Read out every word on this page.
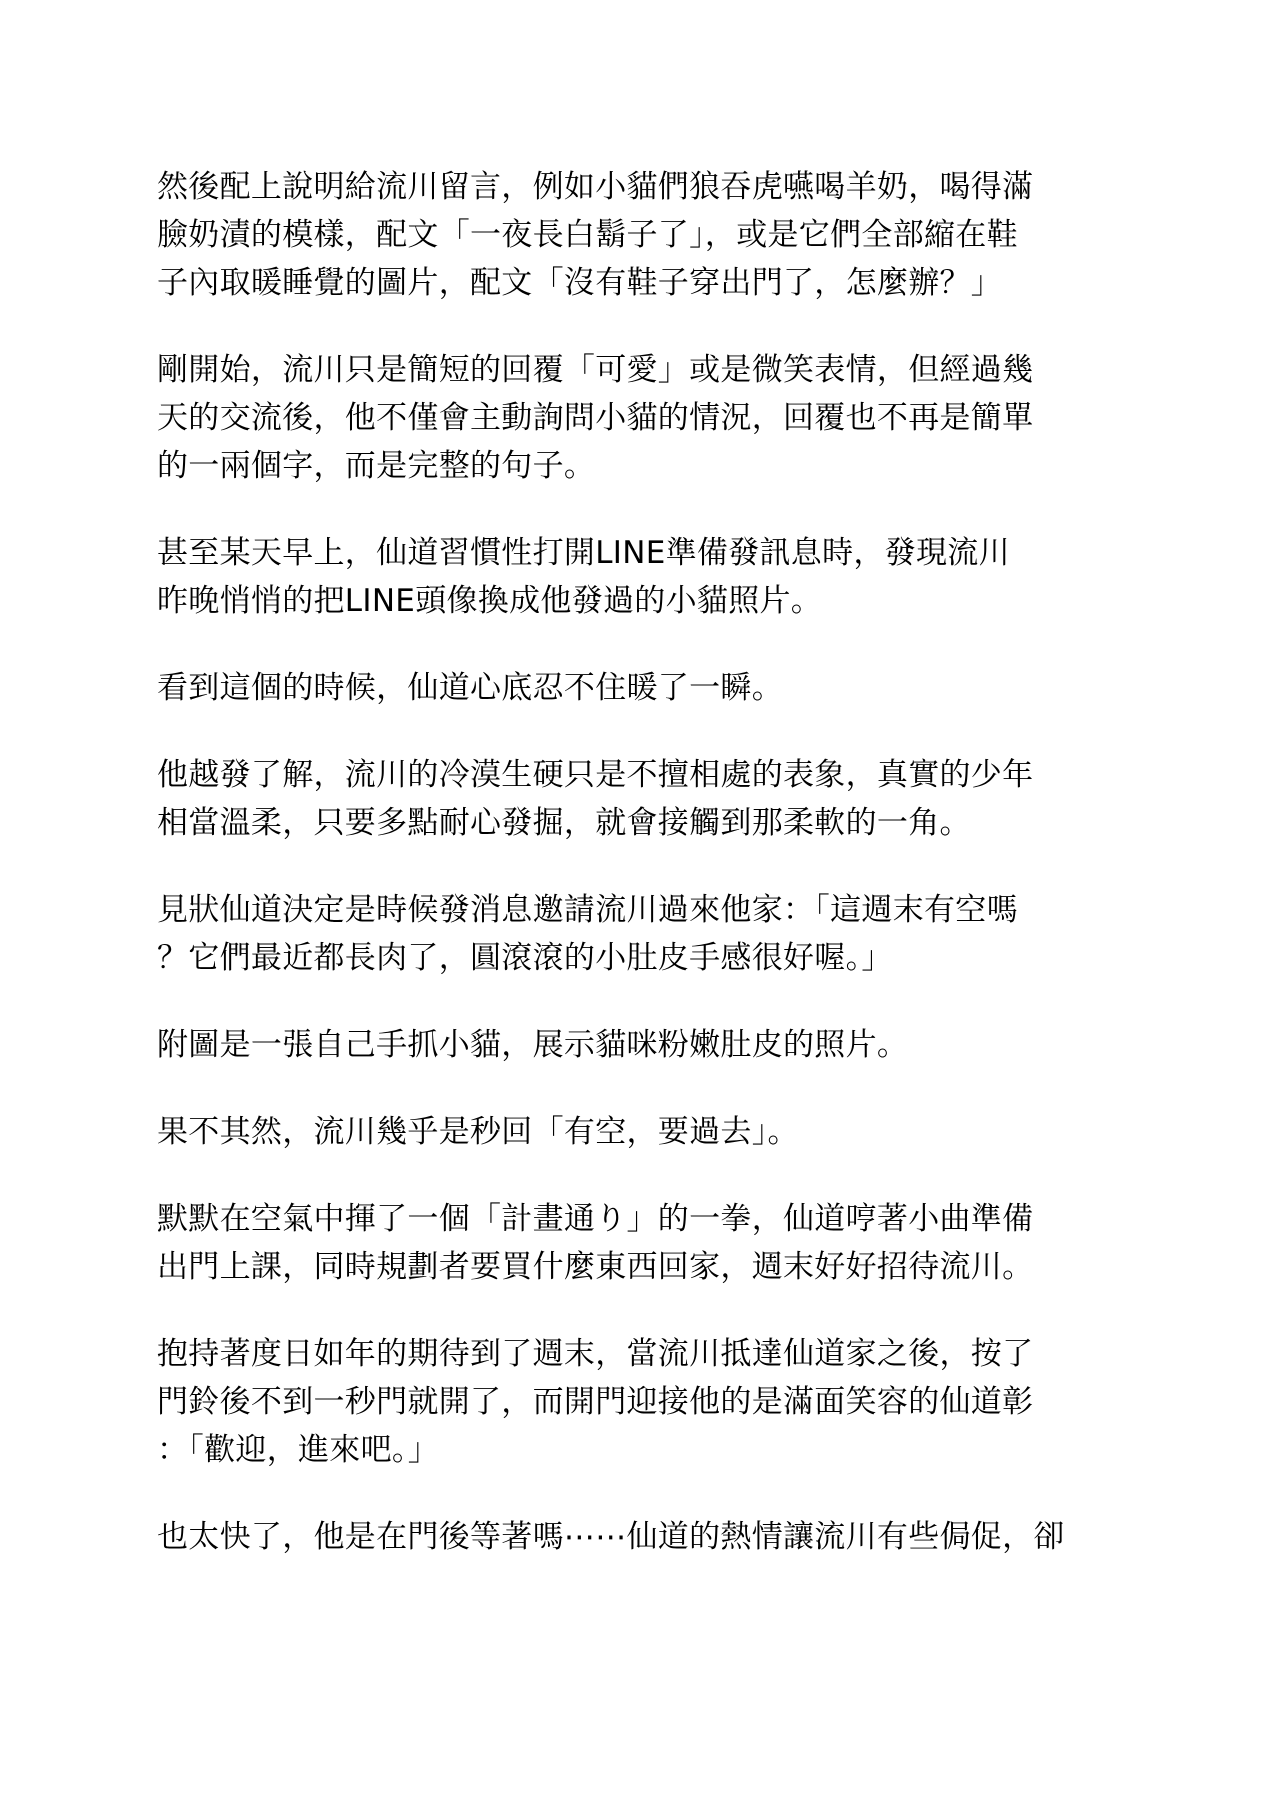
然後配上說明給流川留言，例如小貓們狼吞虎嚥喝羊奶，喝得滿
臉奶漬的模樣，配文「一夜長白鬍子了」，或是它們全部縮在鞋
子內取暖睡覺的圖片，配文「沒有鞋子穿出門了，怎麼辦？」

剛開始，流川只是簡短的回覆「可愛」或是微笑表情，但經過幾
天的交流後，他不僅會主動詢問小貓的情況，回覆也不再是簡單
的一兩個字，而是完整的句子。

甚至某天早上，仙道習慣性打開LINE準備發訊息時，發現流川
昨晚悄悄的把LINE頭像換成他發過的小貓照片。

看到這個的時候，仙道心底忍不住暖了一瞬。

他越發了解，流川的冷漠生硬只是不擅相處的表象，真實的少年
相當溫柔，只要多點耐心發掘，就會接觸到那柔軟的一角。

見狀仙道決定是時候發消息邀請流川過來他家：「這週末有空嗎
？它們最近都長肉了，圓滾滾的小肚皮手感很好喔。」

附圖是一張自己手抓小貓，展示貓咪粉嫩肚皮的照片。

果不其然，流川幾乎是秒回「有空，要過去」。

默默在空氣中揮了一個「計畫通り」的一拳，仙道哼著小曲準備
出門上課，同時規劃者要買什麼東西回家，週末好好招待流川。

抱持著度日如年的期待到了週末，當流川抵達仙道家之後，按了
門鈴後不到一秒門就開了，而開門迎接他的是滿面笑容的仙道彰
：「歡迎，進來吧。」

也太快了，他是在門後等著嗎⋯⋯仙道的熱情讓流川有些侷促，卻
